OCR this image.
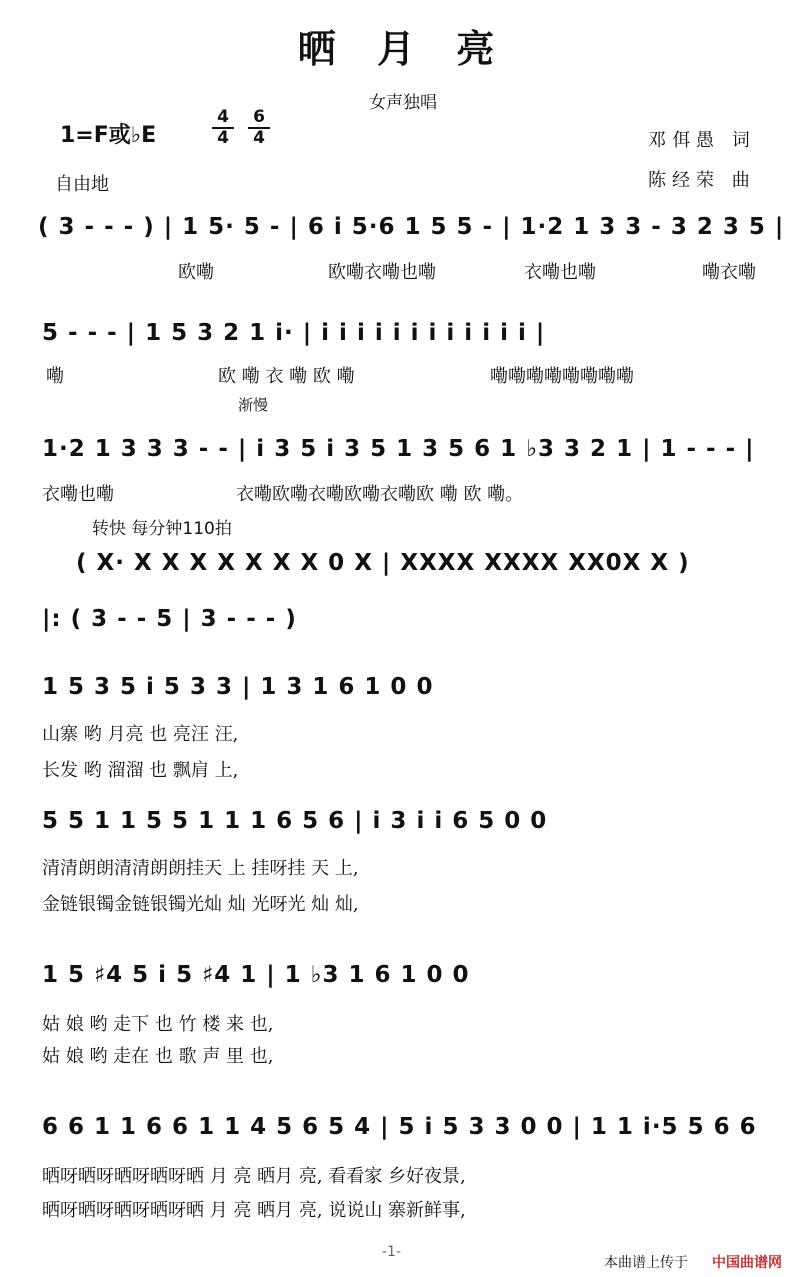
晒 月 亮
女声独唱
1=F或♭E
4
4
6
4	邓佴愚 词
陈经荣 曲
自由地
( 3 - - - ) | 1 5· 5 - | 6 i 5·6 1 5 5 - | 1·2 1 3 3 - 3 2 3 5 |
欧嘞	欧嘞衣嘞也嘞	衣嘞也嘞	嘞衣嘞
5 - - - | 1 5 3 2 1 i· | i i i i i i i i i i i i |
嘞	欧 嘞 衣 嘞 欧 嘞	嘞嘞嘞嘞嘞嘞嘞嘞
渐慢
1·2 1 3 3 3 - - | i 3 5 i 3 5 1 3 5 6 1 ♭3 3 2 1 | 1 - - - |
衣嘞也嘞	衣嘞欧嘞衣嘞欧嘞衣嘞欧 嘞 欧 嘞。
转快 每分钟110拍
( X· X X X X X X X 0 X | XXXX XXXX XX0X X )
|: ( 3 - - 5 | 3 - - - )
1 5 3 5 i 5 3 3 | 1 3 1 6 1 0 0
山寨 哟 月亮 也 亮汪 汪,
长发 哟 溜溜 也 飘肩 上,
5 5 1 1 5 5 1 1 1 6 5 6 | i 3 i i 6 5 0 0
清清朗朗清清朗朗挂天 上 挂呀挂 天 上,
金链银镯金链银镯光灿 灿 光呀光 灿 灿,
1 5 ♯4 5 i 5 ♯4 1 | 1 ♭3 1 6 1 0 0
姑 娘 哟 走下 也 竹 楼 来 也,
姑 娘 哟 走在 也 歌 声 里 也,
6 6 1 1 6 6 1 1 4 5 6 5 4 | 5 i 5 3 3 0 0 | 1 1 i·5 5 6 6
晒呀晒呀晒呀晒呀晒 月 亮 晒月 亮, 看看家 乡好夜景,
晒呀晒呀晒呀晒呀晒 月 亮 晒月 亮, 说说山 寨新鲜事,
-1-
本曲谱上传于 中国曲谱网
